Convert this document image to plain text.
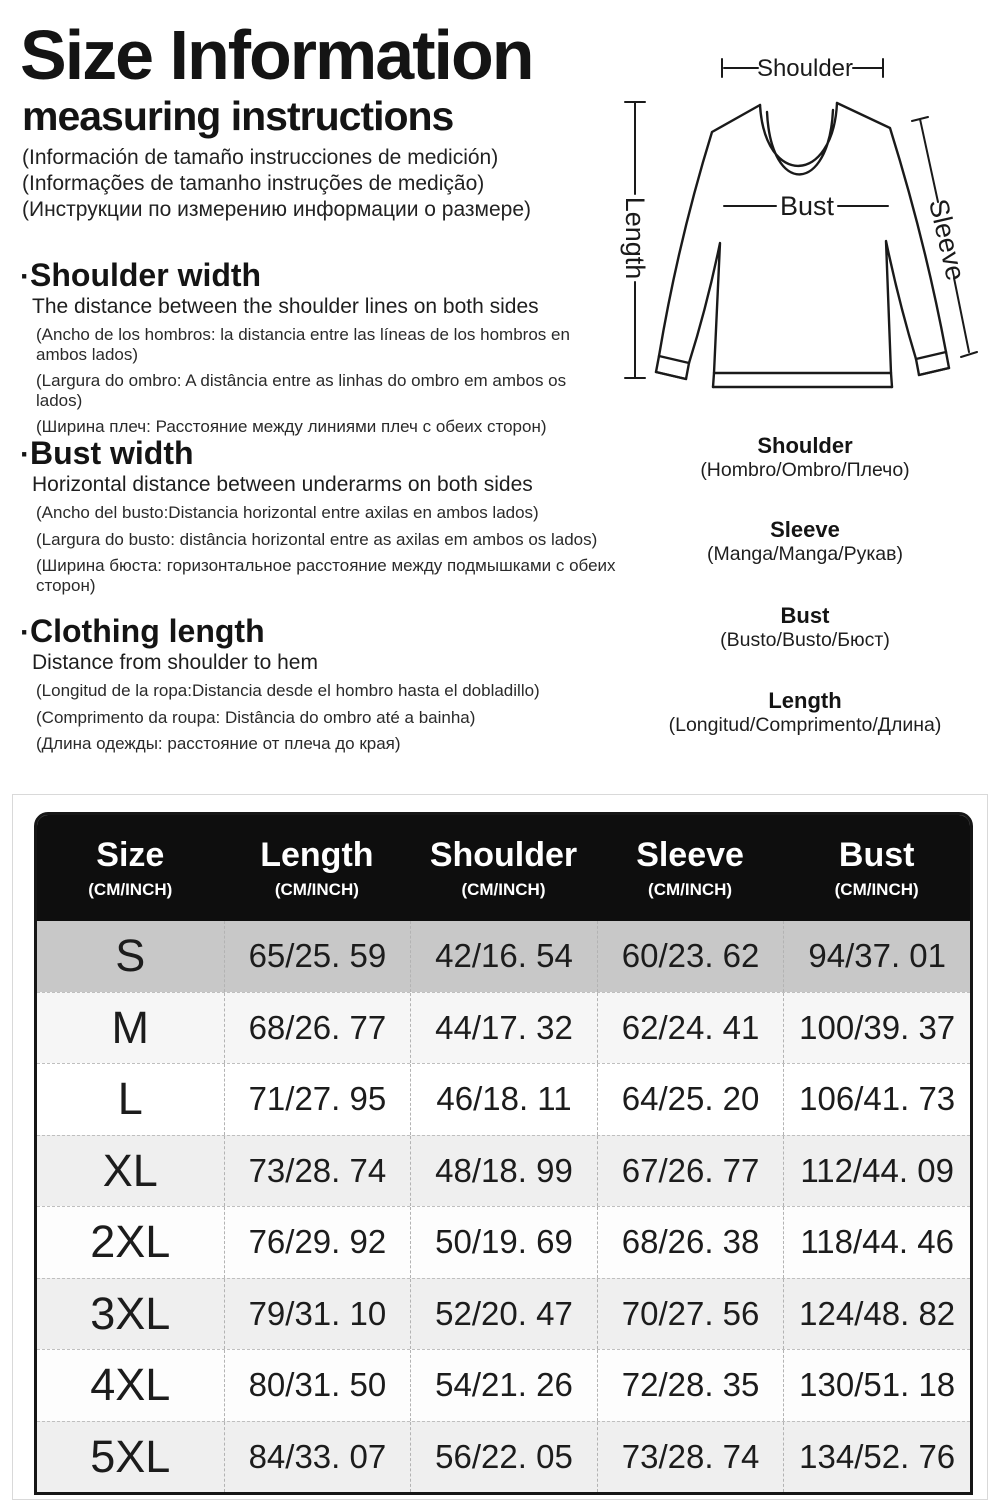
Size Information
measuring instructions

(Información de tamaño instrucciones de medición)

(Informações de tamanho instruções de medição)

(Инструкции по измерению информации о размере)

·Shoulder width

The distance between the shoulder lines on both sides

(Ancho de los hombros: la distancia entre las líneas de los hombros en ambos lados)

(Largura do ombro: A distância entre as linhas do ombro em ambos os lados)

(Ширина плеч: Расстояние между линиями плеч с обеих сторон)

·Bust width

Horizontal distance between underarms on both sides

(Ancho del busto:Distancia horizontal entre axilas en ambos lados)

(Largura do busto: distância horizontal entre as axilas em ambos os lados)

(Ширина бюста: горизонтальное расстояние между подмышками с обеих сторон)

·Clothing length

Distance from shoulder to hem

(Longitud de la ropa:Distancia desde el hombro hasta el dobladillo)

(Comprimento da roupa: Distância do ombro até a bainha)

(Длина одежды: расстояние от плеча до края)

Shoulder
Length	Bust	Sleeve
Shoulder
(Hombro/Ombro/Плечо)
Sleeve
(Manga/Manga/Рукав)
Bust
(Busto/Busto/Бюст)
Length
(Longitud/Comprimento/Длина)
Size
(CM/INCH)
Length
(CM/INCH)
Shoulder
(CM/INCH)
Sleeve
(CM/INCH)
Bust
(CM/INCH)
S	65/25. 59	42/16. 54	60/23. 62	94/37. 01
M	68/26. 77	44/17. 32	62/24. 41	100/39. 37
L	71/27. 95	46/18. 11	64/25. 20	106/41. 73
XL	73/28. 74	48/18. 99	67/26. 77	112/44. 09
2XL	76/29. 92	50/19. 69	68/26. 38	118/44. 46
3XL	79/31. 10	52/20. 47	70/27. 56	124/48. 82
4XL	80/31. 50	54/21. 26	72/28. 35	130/51. 18
5XL	84/33. 07	56/22. 05	73/28. 74	134/52. 76
